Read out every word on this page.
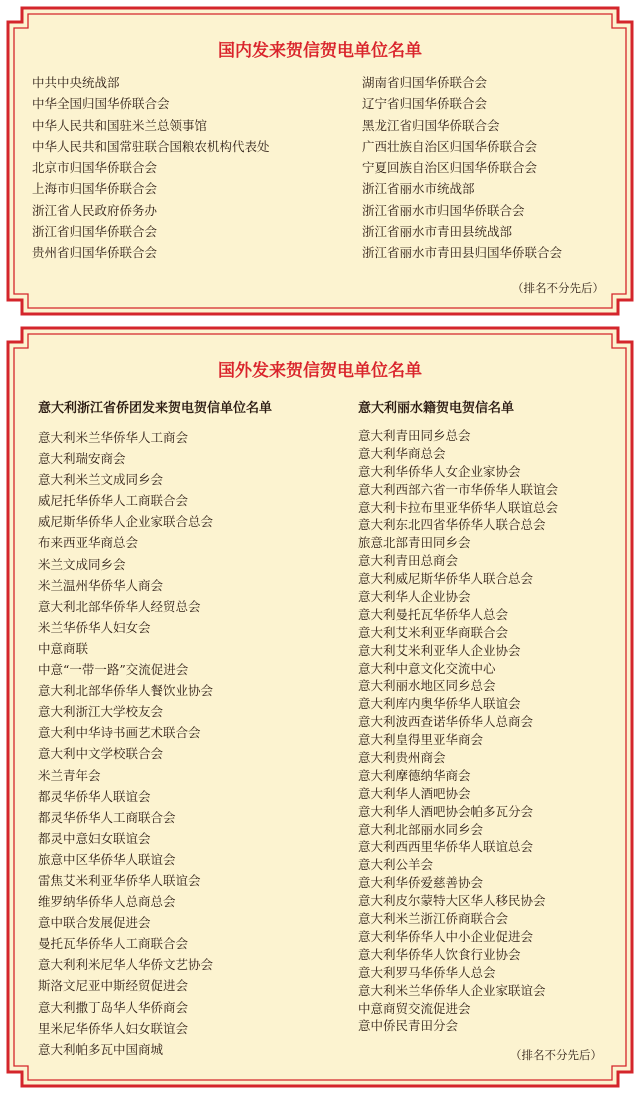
国内发来贺信贺电单位名单
中共中央统战部
中华全国归国华侨联合会
中华人民共和国驻米兰总领事馆
中华人民共和国常驻联合国粮农机构代表处
北京市归国华侨联合会
上海市归国华侨联合会
浙江省人民政府侨务办
浙江省归国华侨联合会
贵州省归国华侨联合会
湖南省归国华侨联合会
辽宁省归国华侨联合会
黑龙江省归国华侨联合会
广西壮族自治区归国华侨联合会
宁夏回族自治区归国华侨联合会
浙江省丽水市统战部
浙江省丽水市归国华侨联合会
浙江省丽水市青田县统战部
浙江省丽水市青田县归国华侨联合会
（排名不分先后）
国外发来贺信贺电单位名单
意大利浙江省侨团发来贺电贺信单位名单	意大利丽水籍贺电贺信名单
意大利米兰华侨华人工商会
意大利瑞安商会
意大利米兰文成同乡会
威尼托华侨华人工商联合会
威尼斯华侨华人企业家联合总会
布来西亚华商总会
米兰文成同乡会
米兰温州华侨华人商会
意大利北部华侨华人经贸总会
米兰华侨华人妇女会
中意商联
中意“一带一路”交流促进会
意大利北部华侨华人餐饮业协会
意大利浙江大学校友会
意大利中华诗书画艺术联合会
意大利中文学校联合会
米兰青年会
都灵华侨华人联谊会
都灵华侨华人工商联合会
都灵中意妇女联谊会
旅意中区华侨华人联谊会
雷焦艾米利亚华侨华人联谊会
维罗纳华侨华人总商总会
意中联合发展促进会
曼托瓦华侨华人工商联合会
意大利利米尼华人华侨文艺协会
斯洛文尼亚中斯经贸促进会
意大利撒丁岛华人华侨商会
里米尼华侨华人妇女联谊会
意大利帕多瓦中国商城
意大利青田同乡总会
意大利华商总会
意大利华侨华人女企业家协会
意大利西部六省一市华侨华人联谊会
意大利卡拉布里亚华侨华人联谊总会
意大利东北四省华侨华人联合总会
旅意北部青田同乡会
意大利青田总商会
意大利威尼斯华侨华人联合总会
意大利华人企业协会
意大利曼托瓦华侨华人总会
意大利艾米利亚华商联合会
意大利艾米利亚华人企业协会
意大利中意文化交流中心
意大利丽水地区同乡总会
意大利库内奥华侨华人联谊会
意大利波西查诺华侨华人总商会
意大利皇得里亚华商会
意大利贵州商会
意大利摩德纳华商会
意大利华人酒吧协会
意大利华人酒吧协会帕多瓦分会
意大利北部丽水同乡会
意大利西西里华侨华人联谊总会
意大利公羊会
意大利华侨爱慈善协会
意大利皮尔蒙特大区华人移民协会
意大利米兰浙江侨商联合会
意大利华侨华人中小企业促进会
意大利华侨华人饮食行业协会
意大利罗马华侨华人总会
意大利米兰华侨华人企业家联谊会
中意商贸交流促进会
意中侨民青田分会
（排名不分先后）
